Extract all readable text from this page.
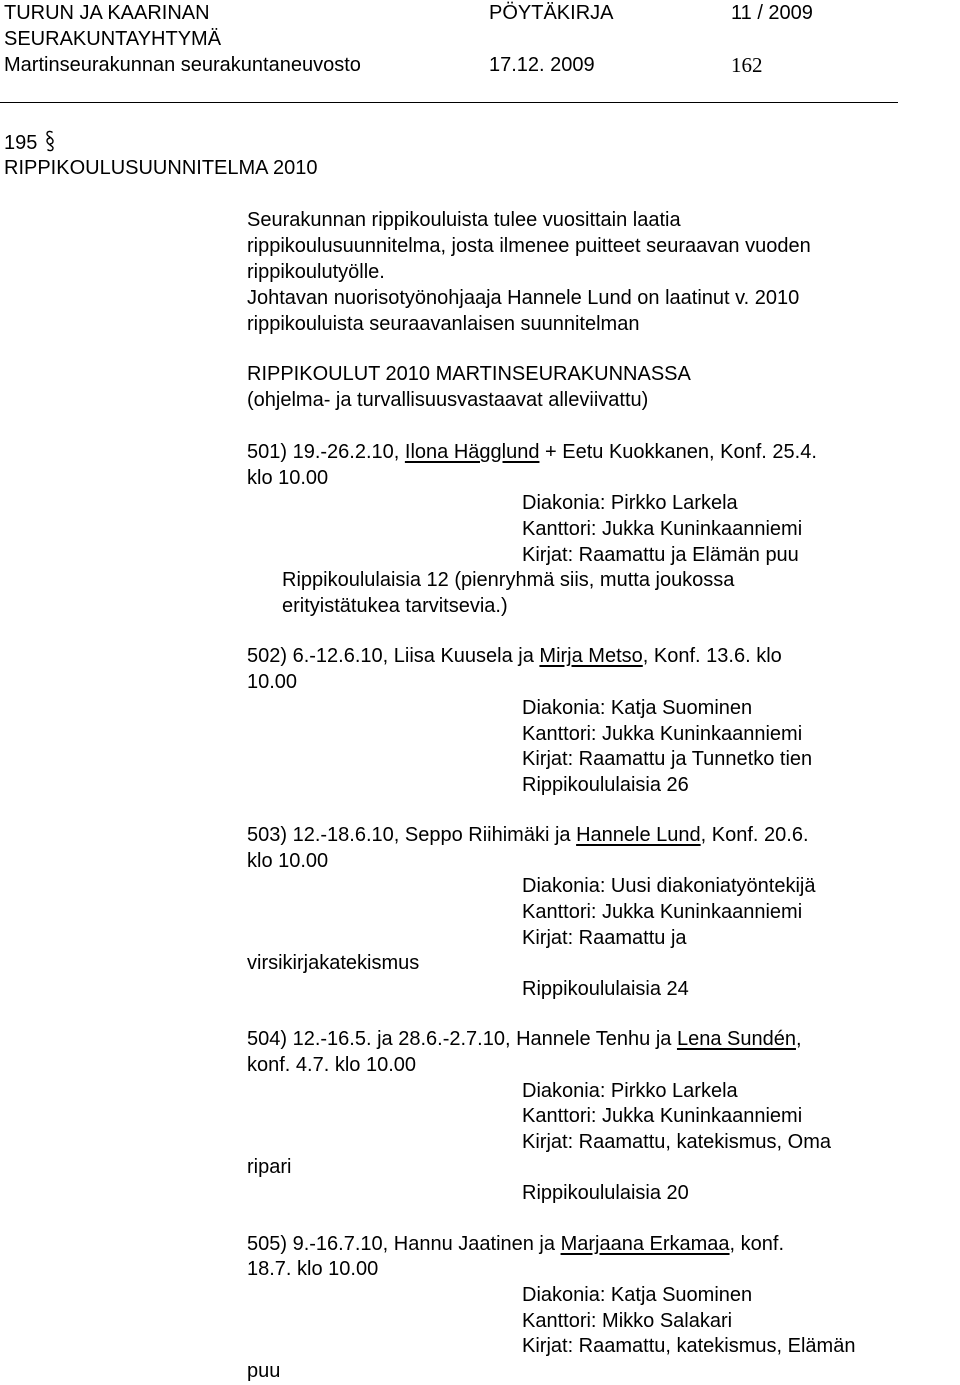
TURUN JA KAARINAN
SEURAKUNTAYHTYMÄ
Martinseurakunnan seurakuntaneuvosto
PÖYTÄKIRJA
17.12. 2009
11 / 2009
162
195
RIPPIKOULUSUUNNITELMA 2010
Seurakunnan rippikouluista tulee vuosittain laatia
rippikoulusuunnitelma, josta ilmenee puitteet seuraavan vuoden
rippikoulutyölle.
Johtavan nuorisotyönohjaaja Hannele Lund on laatinut v. 2010
rippikouluista seuraavanlaisen suunnitelman
RIPPIKOULUT 2010 MARTINSEURAKUNNASSA
(ohjelma- ja turvallisuusvastaavat alleviivattu)
501) 19.-26.2.10, Ilona Hägglund + Eetu Kuokkanen, Konf. 25.4.
klo 10.00
Diakonia: Pirkko Larkela
Kanttori: Jukka Kuninkaanniemi
Kirjat: Raamattu ja Elämän puu
Rippikoululaisia 12 (pienryhmä siis, mutta joukossa
erityistätukea tarvitsevia.)
502) 6.-12.6.10, Liisa Kuusela ja Mirja Metso, Konf. 13.6. klo
10.00
Diakonia: Katja Suominen
Kanttori: Jukka Kuninkaanniemi
Kirjat: Raamattu ja Tunnetko tien
Rippikoululaisia 26
503) 12.-18.6.10, Seppo Riihimäki ja Hannele Lund, Konf. 20.6.
klo 10.00
Diakonia: Uusi diakoniatyöntekijä
Kanttori: Jukka Kuninkaanniemi
Kirjat: Raamattu ja
virsikirjakatekismus
Rippikoululaisia 24
504) 12.-16.5. ja 28.6.-2.7.10, Hannele Tenhu ja Lena Sundén,
konf. 4.7. klo 10.00
Diakonia: Pirkko Larkela
Kanttori: Jukka Kuninkaanniemi
Kirjat: Raamattu, katekismus, Oma
ripari
Rippikoululaisia 20
505) 9.-16.7.10, Hannu Jaatinen ja Marjaana Erkamaa, konf.
18.7. klo 10.00
Diakonia: Katja Suominen
Kanttori: Mikko Salakari
Kirjat: Raamattu, katekismus, Elämän
puu
